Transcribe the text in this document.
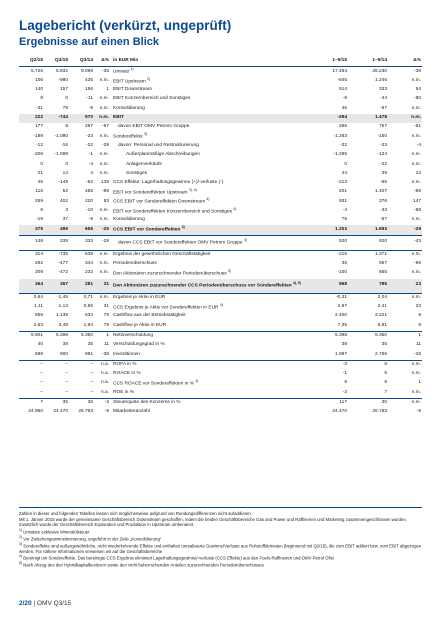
Lagebericht (verkürzt, ungeprüft)
Ergebnisse auf einen Blick
Q2/15	Q3/15	Q3/14	Δ%	in EUR Mio	1–9/15	1–9/14	Δ%
5.726	5.932	9.098	-35	Umsatz $^{1)}$	17.484	28.230	-38
106	-980	435	n.m.	EBIT Upstream $^{2)}$	-845	1.246	n.m.
140	157	156	1	EBIT Downstream	514	333	54
8	0	-11	n.m.	EBIT Konzernbereich und Sonstiges	-9	-44	-80
-31	78	-9	n.m.	Konsolidierung	46	-57	n.m.
222	-744	570	n.m.	EBIT	-294	1.478	n.m.
177	8	287	-97	davon EBIT OMV Petrom Gruppe	296	757	-61
-198	-1.090	-23	n.m.	Sondereffekte $^{3)}$	-1.283	-150	n.m.
-12	-16	-22	-29	davon: Personal und Restrukturierung	-32	-33	-4
-206	-1.088	-1	n.m.	Außerplanmäßige Abschreibungen	-1.295	-134	n.m.
0	0	-4	n.m.	Anlagenverkäufe	0	-22	n.m.
21	14	4	n.m.	Sonstiges	44	39	13
45	-149	-62	139	CCS Effekte: Lagerhaltungsgewinne (+)/-verluste (-)	-213	-65	n.m.
116	52	455	-89	EBIT vor Sondereffekten Upstream $^{2), 4)}$	201	1.407	-86
269	402	220	83	CCS EBIT vor Sondereffekten Downstream $^{4)}$	931	376	147
9	3	-10	n.m.	EBIT vor Sondereffekten Konzernbereich und Sonstiges $^{4)}$	-4	-33	-88
-19	37	-9	n.m.	Konsolidierung	75	-57	n.m.
375	495	656	-25	CCS EBIT vor Sondereffekten $^{4)}$	1.203	1.693	-29
148	239	333	-28	davon CCS EBIT vor Sondereffekten OMV Petrom Gruppe $^{4)}$	520	920	-43
314	-735	539	n.m.	Ergebnis der gewöhnlichen Geschäftstätigkeit	-215	1.371	n.m.
292	-477	344	n.m.	Periodenüberschuss	36	957	-96
209	-472	232	n.m.	Den Aktionären zuzurechnender Periodenüberschuss $^{5)}$	-100	665	n.m.
364	367	281	31	Den Aktionären zuzurechnender CCS Periodenüberschuss vor Sondereffekten $^{4), 5)}$	968	785	23
0,64	-1,45	0,71	n.m.	Ergebnis je Aktie in EUR	-0,31	2,04	n.m.
1,11	1,13	0,86	31	CCS Ergebnis je Aktie vor Sondereffekten in EUR $^{4)}$	2,97	2,41	23
858	1.135	634	79	Cashflow aus der Betriebstätigkeit	2.400	2.221	8
2,63	3,48	1,94	79	Cashflow je Aktie in EUR	7,35	6,81	8
5.901	5.398	5.350	1	Nettoverschuldung	5.398	5.350	1
40	38	35	11	Verschuldungsgrad in %	38	35	11
689	600	981	-38	Investitionen	1.997	2.766	-28
–	–	–	n.a.	ROFA in %	-3	8	n.m.
–	–	–	n.a.	ROACE in %	-1	6	n.m.
–	–	–	n.a.	CCS ROACE vor Sondereffekten in % $^{4)}$	9	9	1
–	–	–	n.a.	ROE in %	-2	7	n.m.
7	35	36	-3	Steuerquote des Konzerns in %	117	30	n.m.
24.960	24.470	26.783	-9	Mitarbeiteranzahl	24.470	26.783	-9

Zahlen in dieser und folgenden Tabellen lassen sich möglicherweise aufgrund von Rundungsdifferenzen nicht aufaddieren.

Mit 1. Jänner 2015 wurde der gemeinsame Geschäftsbereich Downstream geschaffen, indem die beiden Geschäftsbereiche Gas and Power und Raffinerien und Marketing zusammengeschlossen wurden. Zusätzlich wurde der Geschäftsbereich Exploration und Produktion in Upstream umbenannt.

$^{1)}$ Umsätze exklusive Mineralölsteuer

$^{2)}$ Vor Zwischengewinneliminierung, angeführt in der Zeile „Konsolidierung“

$^{3)}$ Sondereffekte sind außergewöhnliche, nicht wiederkehrende Effekte und enthalten unrealisierte Gewinne/Verluste aus Rohstoffderivaten (beginnend mit Q2/15), die zum EBIT addiert bzw. vom EBIT abgezogen werden. Für nähere Informationen verweisen wir auf die Geschäftsbereiche

$^{4)}$ Bereinigt um Sondereffekte. Das bereinigte CCS Ergebnis eliminiert Lagerhaltungsgewinne/-verluste (CCS Effekte) aus den Fuels-Raffinerien und OMV Petrol Ofisi

$^{5)}$ Nach Abzug des den Hybridkapitalbesitzern sowie den nicht beherrschenden Anteilen zuzurechnenden Periodenüberschusses

2/20 | OMV Q3/15
